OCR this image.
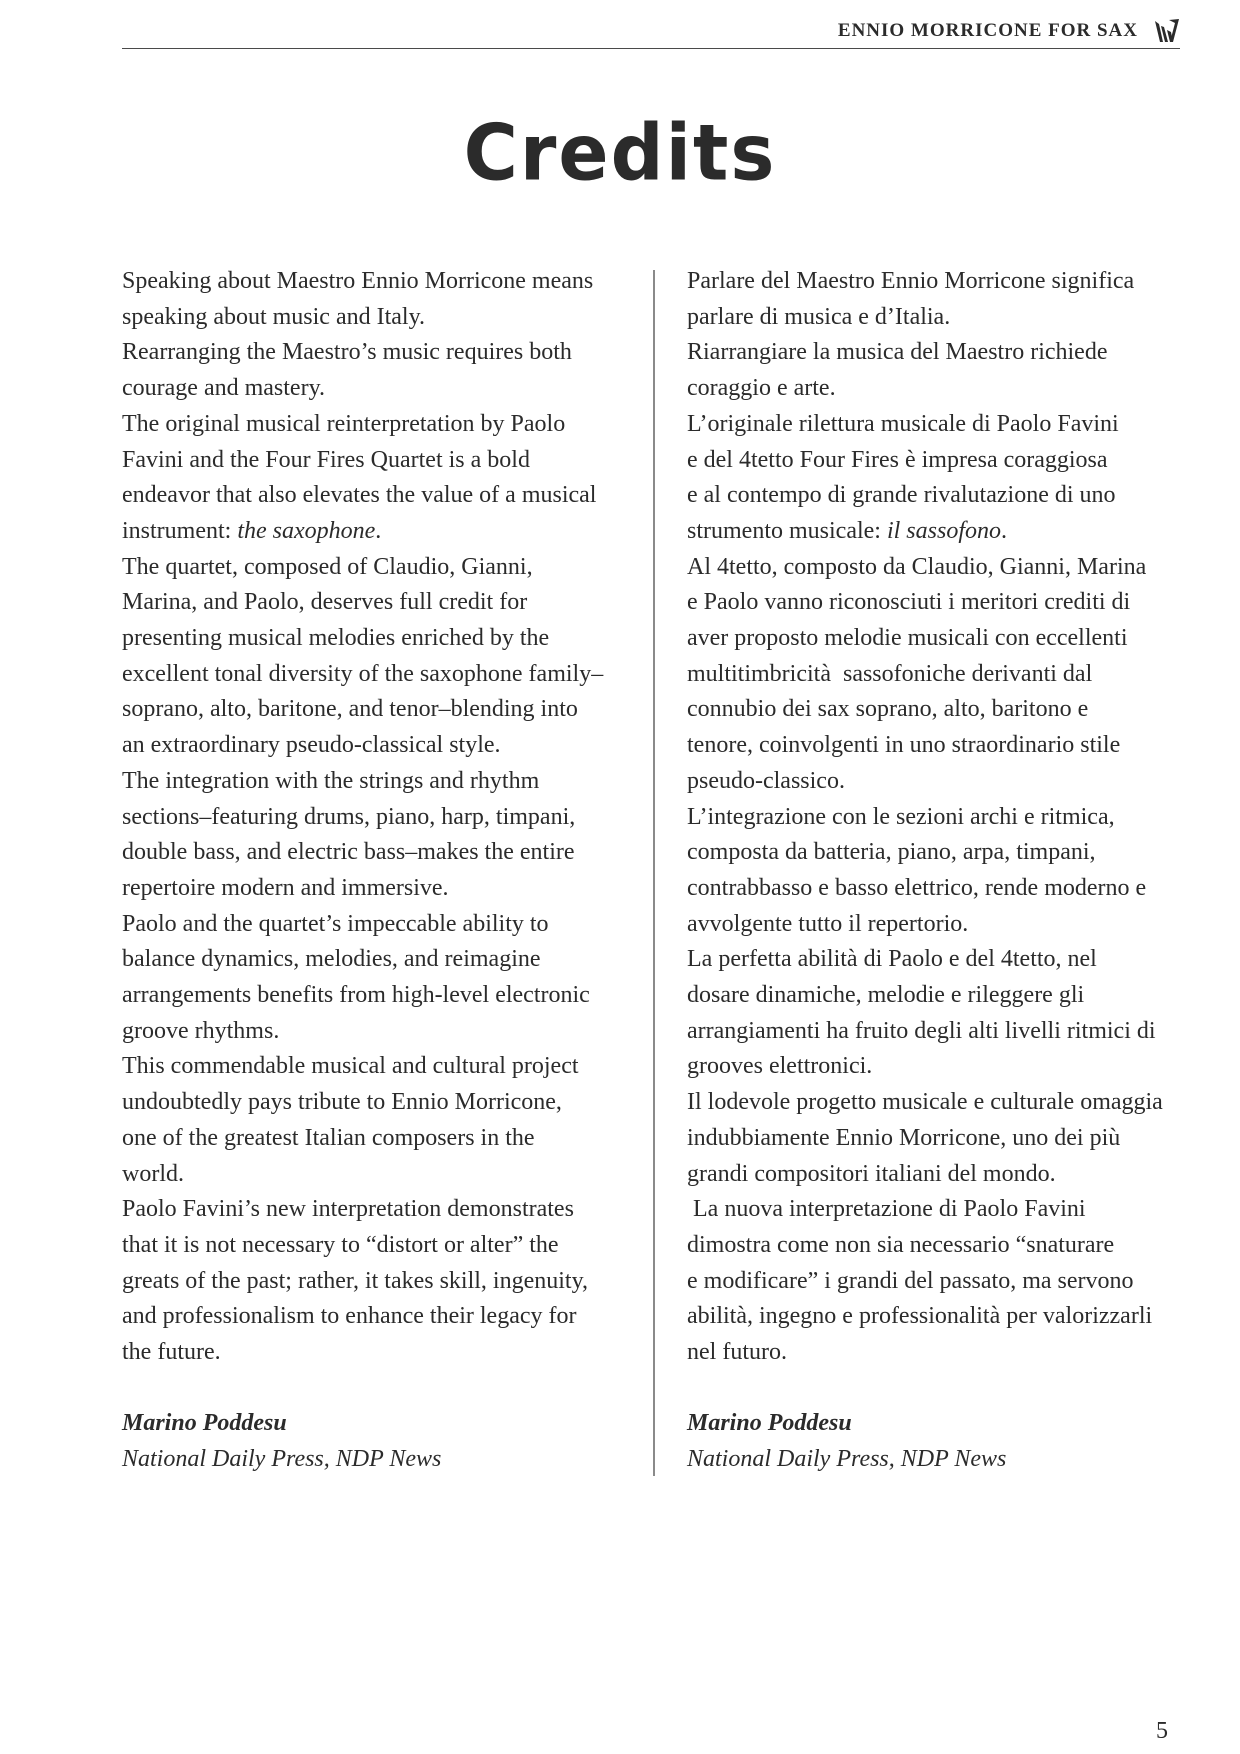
ENNIO MORRICONE FOR SAX
Credits
Speaking about Maestro Ennio Morricone means
speaking about music and Italy.
Rearranging the Maestro’s music requires both
courage and mastery.
The original musical reinterpretation by Paolo
Favini and the Four Fires Quartet is a bold
endeavor that also elevates the value of a musical
instrument: the saxophone.
The quartet, composed of Claudio, Gianni,
Marina, and Paolo, deserves full credit for
presenting musical melodies enriched by the
excellent tonal diversity of the saxophone family–
soprano, alto, baritone, and tenor–blending into
an extraordinary pseudo-classical style.
The integration with the strings and rhythm
sections–featuring drums, piano, harp, timpani,
double bass, and electric bass–makes the entire
repertoire modern and immersive.
Paolo and the quartet’s impeccable ability to
balance dynamics, melodies, and reimagine
arrangements benefits from high-level electronic
groove rhythms.
This commendable musical and cultural project
undoubtedly pays tribute to Ennio Morricone,
one of the greatest Italian composers in the
world.
Paolo Favini’s new interpretation demonstrates
that it is not necessary to “distort or alter” the
greats of the past; rather, it takes skill, ingenuity,
and professionalism to enhance their legacy for
the future.
Marino Poddesu
National Daily Press, NDP News
Parlare del Maestro Ennio Morricone significa
parlare di musica e d’Italia.
Riarrangiare la musica del Maestro richiede
coraggio e arte.
L’originale rilettura musicale di Paolo Favini
e del 4tetto Four Fires è impresa coraggiosa
e al contempo di grande rivalutazione di uno
strumento musicale: il sassofono.
Al 4tetto, composto da Claudio, Gianni, Marina
e Paolo vanno riconosciuti i meritori crediti di
aver proposto melodie musicali con eccellenti
multitimbricità  sassofoniche derivanti dal
connubio dei sax soprano, alto, baritono e
tenore, coinvolgenti in uno straordinario stile
pseudo-classico.
L’integrazione con le sezioni archi e ritmica,
composta da batteria, piano, arpa, timpani,
contrabbasso e basso elettrico, rende moderno e
avvolgente tutto il repertorio.
La perfetta abilità di Paolo e del 4tetto, nel
dosare dinamiche, melodie e rileggere gli
arrangiamenti ha fruito degli alti livelli ritmici di
grooves elettronici.
Il lodevole progetto musicale e culturale omaggia
indubbiamente Ennio Morricone, uno dei più
grandi compositori italiani del mondo.
La nuova interpretazione di Paolo Favini
dimostra come non sia necessario “snaturare
e modificare” i grandi del passato, ma servono
abilità, ingegno e professionalità per valorizzarli
nel futuro.
Marino Poddesu
National Daily Press, NDP News
5
